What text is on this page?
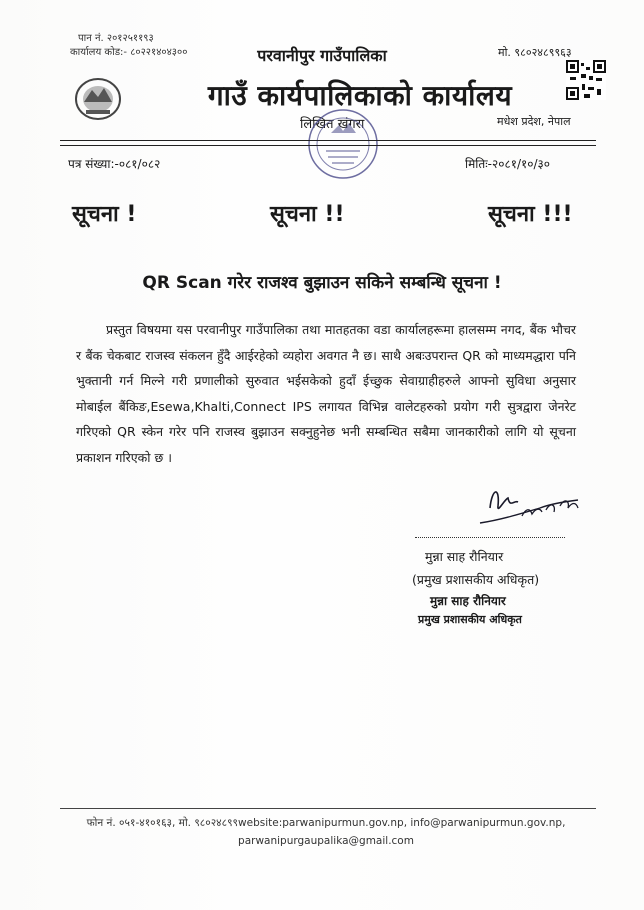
पान नं. २०१२५११९३
कार्यालय कोड:- ८०२२१४०४३००	परवानीपुर गाउँपालिका	मो. ९८०२४८९९६३
गाउँ कार्यपालिकाको कार्यालय
लिखित खंगरा	मधेश प्रदेश, नेपाल
पत्र संख्या:-०८१/०८२	मितिः-२०८१/१०/३०
सूचना !	सूचना !!	सूचना !!!
QR Scan गरेर राजश्व बुझाउन सकिने सम्बन्धि सूचना !
प्रस्तुत विषयमा यस परवानीपुर गाउँपालिका तथा मातहतका वडा कार्यालहरूमा हालसम्म नगद, बैंक भौचर र बैंक चेकबाट राजस्व संकलन हुँदै आईरहेको व्यहोरा अवगत नै छ। साथै अबःउपरान्त QR को माध्यमद्धारा पनि भुक्तानी गर्न मिल्ने गरी प्रणालीको सुरुवात भईसकेको हुदाँ ईच्छुक सेवाग्राहीहरुले आफ्नो सुविधा अनुसार मोबाईल बैंकिङ,Esewa,Khalti,Connect IPS लगायत विभिन्न वालेटहरुको प्रयोग गरी सुत्रद्वारा जेनरेट गरिएको QR स्केन गरेर पनि राजस्व बुझाउन सक्नुहुनेछ भनी सम्बन्धित सबैमा जानकारीको लागि यो सूचना प्रकाशन गरिएको छ ।
मुन्ना साह रौनियार
(प्रमुख प्रशासकीय अधिकृत)
मुन्ना साह रौनियार
प्रमुख प्रशासकीय अधिकृत
फोन नं. ०५१-४१०१६३, मो. ९८०२४८९९website:parwanipurmun.gov.np, info@parwanipurmun.gov.np,
parwanipurgaupalika@gmail.com
